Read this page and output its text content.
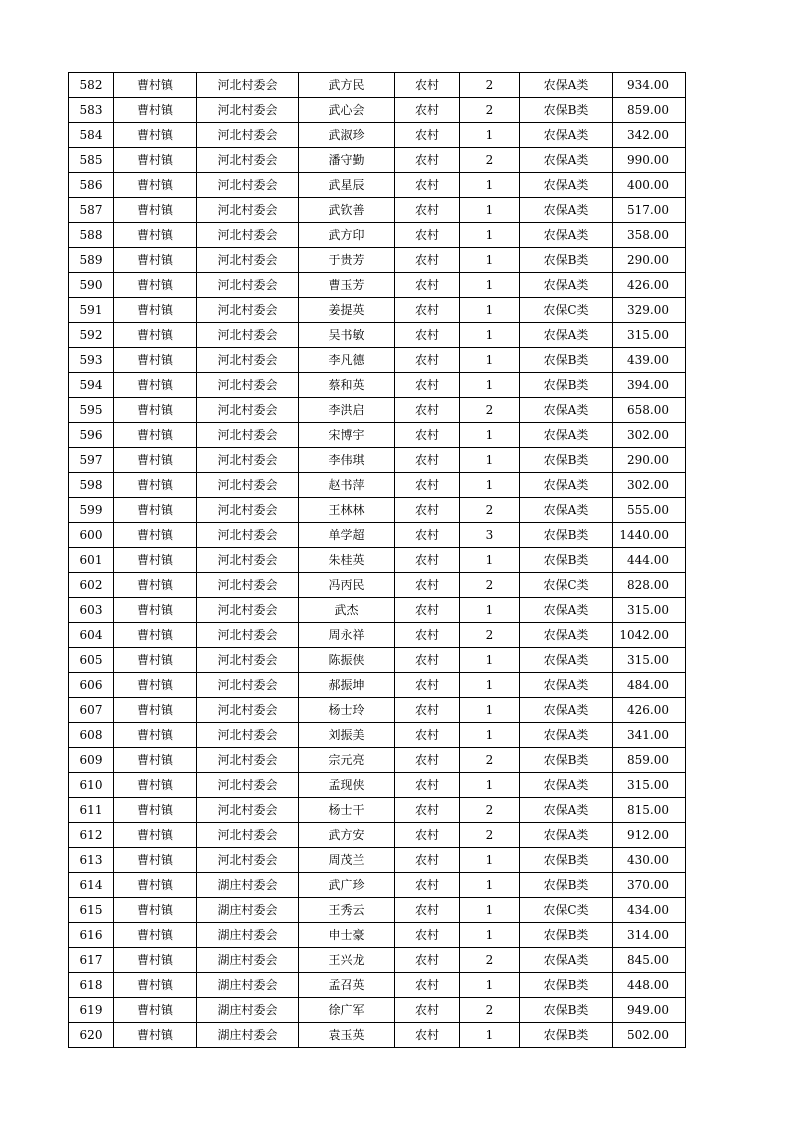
582	曹村镇	河北村委会	武方民	农村	2	农保A类	934.00
583	曹村镇	河北村委会	武心会	农村	2	农保B类	859.00
584	曹村镇	河北村委会	武淑珍	农村	1	农保A类	342.00
585	曹村镇	河北村委会	潘守勤	农村	2	农保A类	990.00
586	曹村镇	河北村委会	武星辰	农村	1	农保A类	400.00
587	曹村镇	河北村委会	武钦善	农村	1	农保A类	517.00
588	曹村镇	河北村委会	武方印	农村	1	农保A类	358.00
589	曹村镇	河北村委会	于贵芳	农村	1	农保B类	290.00
590	曹村镇	河北村委会	曹玉芳	农村	1	农保A类	426.00
591	曹村镇	河北村委会	姜提英	农村	1	农保C类	329.00
592	曹村镇	河北村委会	吴书敏	农村	1	农保A类	315.00
593	曹村镇	河北村委会	李凡德	农村	1	农保B类	439.00
594	曹村镇	河北村委会	蔡和英	农村	1	农保B类	394.00
595	曹村镇	河北村委会	李洪启	农村	2	农保A类	658.00
596	曹村镇	河北村委会	宋博宇	农村	1	农保A类	302.00
597	曹村镇	河北村委会	李伟琪	农村	1	农保B类	290.00
598	曹村镇	河北村委会	赵书萍	农村	1	农保A类	302.00
599	曹村镇	河北村委会	王林林	农村	2	农保A类	555.00
600	曹村镇	河北村委会	单学超	农村	3	农保B类	1440.00
601	曹村镇	河北村委会	朱桂英	农村	1	农保B类	444.00
602	曹村镇	河北村委会	冯丙民	农村	2	农保C类	828.00
603	曹村镇	河北村委会	武杰	农村	1	农保A类	315.00
604	曹村镇	河北村委会	周永祥	农村	2	农保A类	1042.00
605	曹村镇	河北村委会	陈振侠	农村	1	农保A类	315.00
606	曹村镇	河北村委会	郝振坤	农村	1	农保A类	484.00
607	曹村镇	河北村委会	杨士玲	农村	1	农保A类	426.00
608	曹村镇	河北村委会	刘振美	农村	1	农保A类	341.00
609	曹村镇	河北村委会	宗元亮	农村	2	农保B类	859.00
610	曹村镇	河北村委会	孟现侠	农村	1	农保A类	315.00
611	曹村镇	河北村委会	杨士干	农村	2	农保A类	815.00
612	曹村镇	河北村委会	武方安	农村	2	农保A类	912.00
613	曹村镇	河北村委会	周茂兰	农村	1	农保B类	430.00
614	曹村镇	湖庄村委会	武广珍	农村	1	农保B类	370.00
615	曹村镇	湖庄村委会	王秀云	农村	1	农保C类	434.00
616	曹村镇	湖庄村委会	申士豪	农村	1	农保B类	314.00
617	曹村镇	湖庄村委会	王兴龙	农村	2	农保A类	845.00
618	曹村镇	湖庄村委会	孟召英	农村	1	农保B类	448.00
619	曹村镇	湖庄村委会	徐广军	农村	2	农保B类	949.00
620	曹村镇	湖庄村委会	袁玉英	农村	1	农保B类	502.00
